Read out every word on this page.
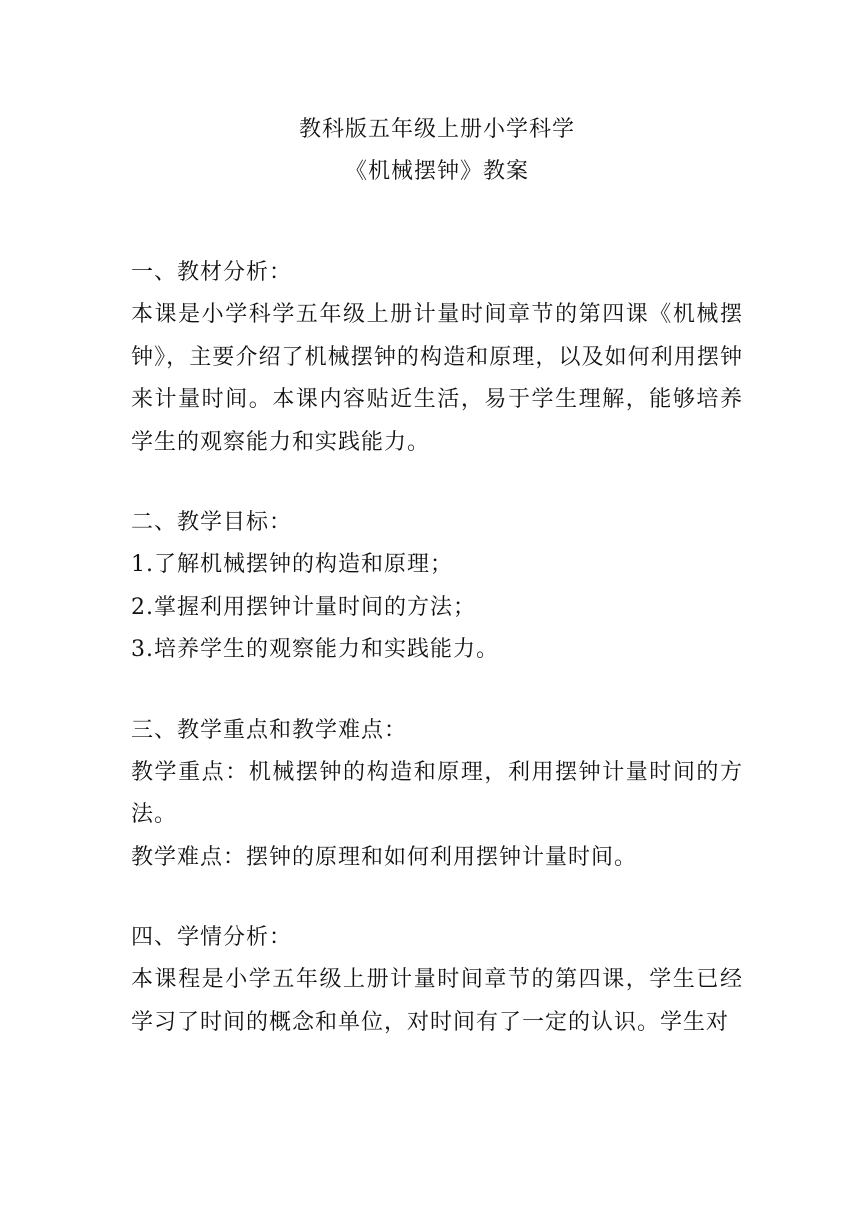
教科版五年级上册小学科学

《机械摆钟》教案

一、教材分析：

本课是小学科学五年级上册计量时间章节的第四课《机械摆钟》，主要介绍了机械摆钟的构造和原理，以及如何利用摆钟来计量时间。本课内容贴近生活，易于学生理解，能够培养学生的观察能力和实践能力。

二、教学目标：

1.了解机械摆钟的构造和原理；

2.掌握利用摆钟计量时间的方法；

3.培养学生的观察能力和实践能力。

三、教学重点和教学难点：

教学重点：机械摆钟的构造和原理，利用摆钟计量时间的方法。

教学难点：摆钟的原理和如何利用摆钟计量时间。

四、学情分析：

本课程是小学五年级上册计量时间章节的第四课，学生已经学习了时间的概念和单位，对时间有了一定的认识。学生对
